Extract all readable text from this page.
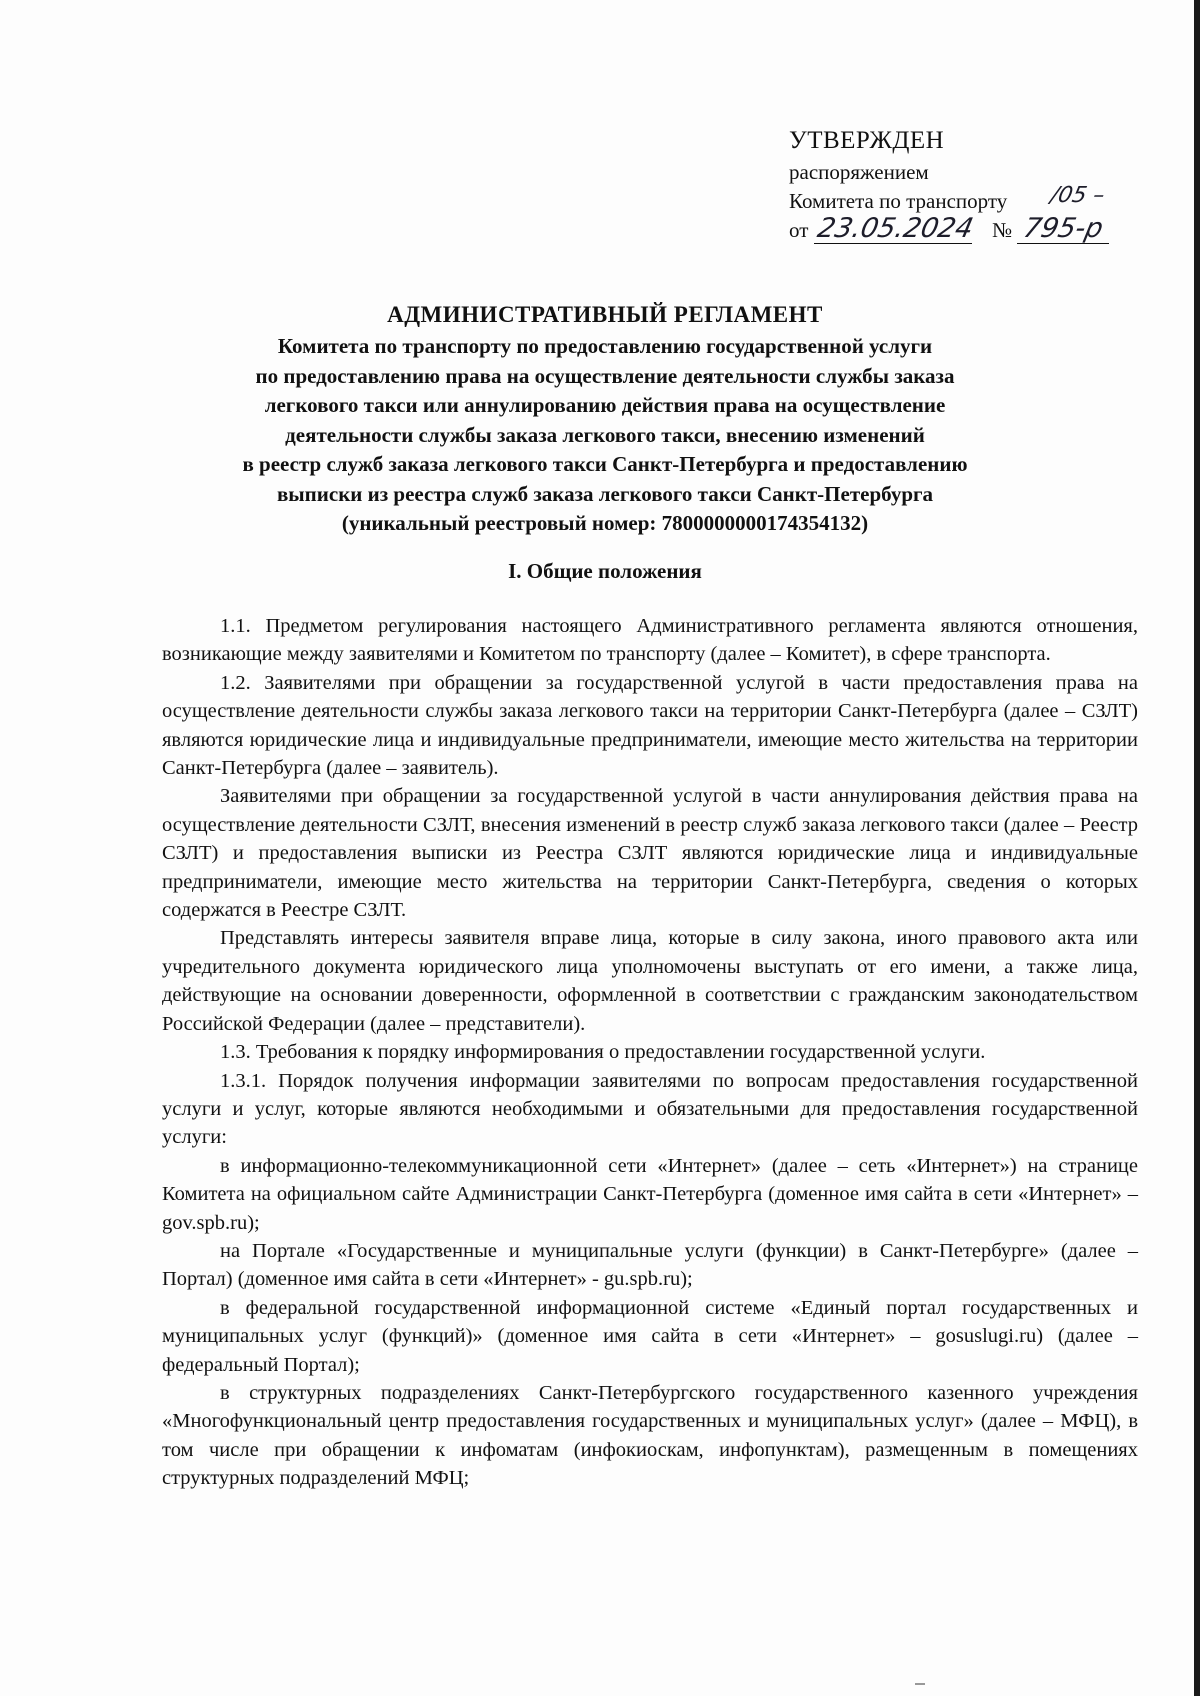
УТВЕРЖДЕН
распоряжением
Комитета по транспорту /05 –
от 23.05.2024 № 795-р
АДМИНИСТРАТИВНЫЙ РЕГЛАМЕНТ
Комитета по транспорту по предоставлению государственной услуги
по предоставлению права на осуществление деятельности службы заказа
легкового такси или аннулированию действия права на осуществление
деятельности службы заказа легкового такси, внесению изменений
в реестр служб заказа легкового такси Санкт-Петербурга и предоставлению
выписки из реестра служб заказа легкового такси Санкт-Петербурга
(уникальный реестровый номер: 7800000000174354132)
I. Общие положения

1.1. Предметом регулирования настоящего Административного регламента являются отношения, возникающие между заявителями и Комитетом по транспорту (далее – Комитет), в сфере транспорта.

1.2. Заявителями при обращении за государственной услугой в части предоставления права на осуществление деятельности службы заказа легкового такси на территории Санкт-Петербурга (далее – СЗЛТ) являются юридические лица и индивидуальные предприниматели, имеющие место жительства на территории Санкт-Петербурга (далее – заявитель).

Заявителями при обращении за государственной услугой в части аннулирования действия права на осуществление деятельности СЗЛТ, внесения изменений в реестр служб заказа легкового такси (далее – Реестр СЗЛТ) и предоставления выписки из Реестра СЗЛТ являются юридические лица и индивидуальные предприниматели, имеющие место жительства на территории Санкт-Петербурга, сведения о которых содержатся в Реестре СЗЛТ.

Представлять интересы заявителя вправе лица, которые в силу закона, иного правового акта или учредительного документа юридического лица уполномочены выступать от его имени, а также лица, действующие на основании доверенности, оформленной в соответствии с гражданским законодательством Российской Федерации (далее – представители).

1.3. Требования к порядку информирования о предоставлении государственной услуги.

1.3.1. Порядок получения информации заявителями по вопросам предоставления государственной услуги и услуг, которые являются необходимыми и обязательными для предоставления государственной услуги:

в информационно-телекоммуникационной сети «Интернет» (далее – сеть «Интернет») на странице Комитета на официальном сайте Администрации Санкт-Петербурга (доменное имя сайта в сети «Интернет» – gov.spb.ru);

на Портале «Государственные и муниципальные услуги (функции) в Санкт-Петербурге» (далее – Портал) (доменное имя сайта в сети «Интернет» - gu.spb.ru);

в федеральной государственной информационной системе «Единый портал государственных и муниципальных услуг (функций)» (доменное имя сайта в сети «Интернет» – gosuslugi.ru) (далее – федеральный Портал);

в структурных подразделениях Санкт-Петербургского государственного казенного учреждения «Многофункциональный центр предоставления государственных и муниципальных услуг» (далее – МФЦ), в том числе при обращении к инфоматам (инфокиоскам, инфопунктам), размещенным в помещениях структурных подразделений МФЦ;
